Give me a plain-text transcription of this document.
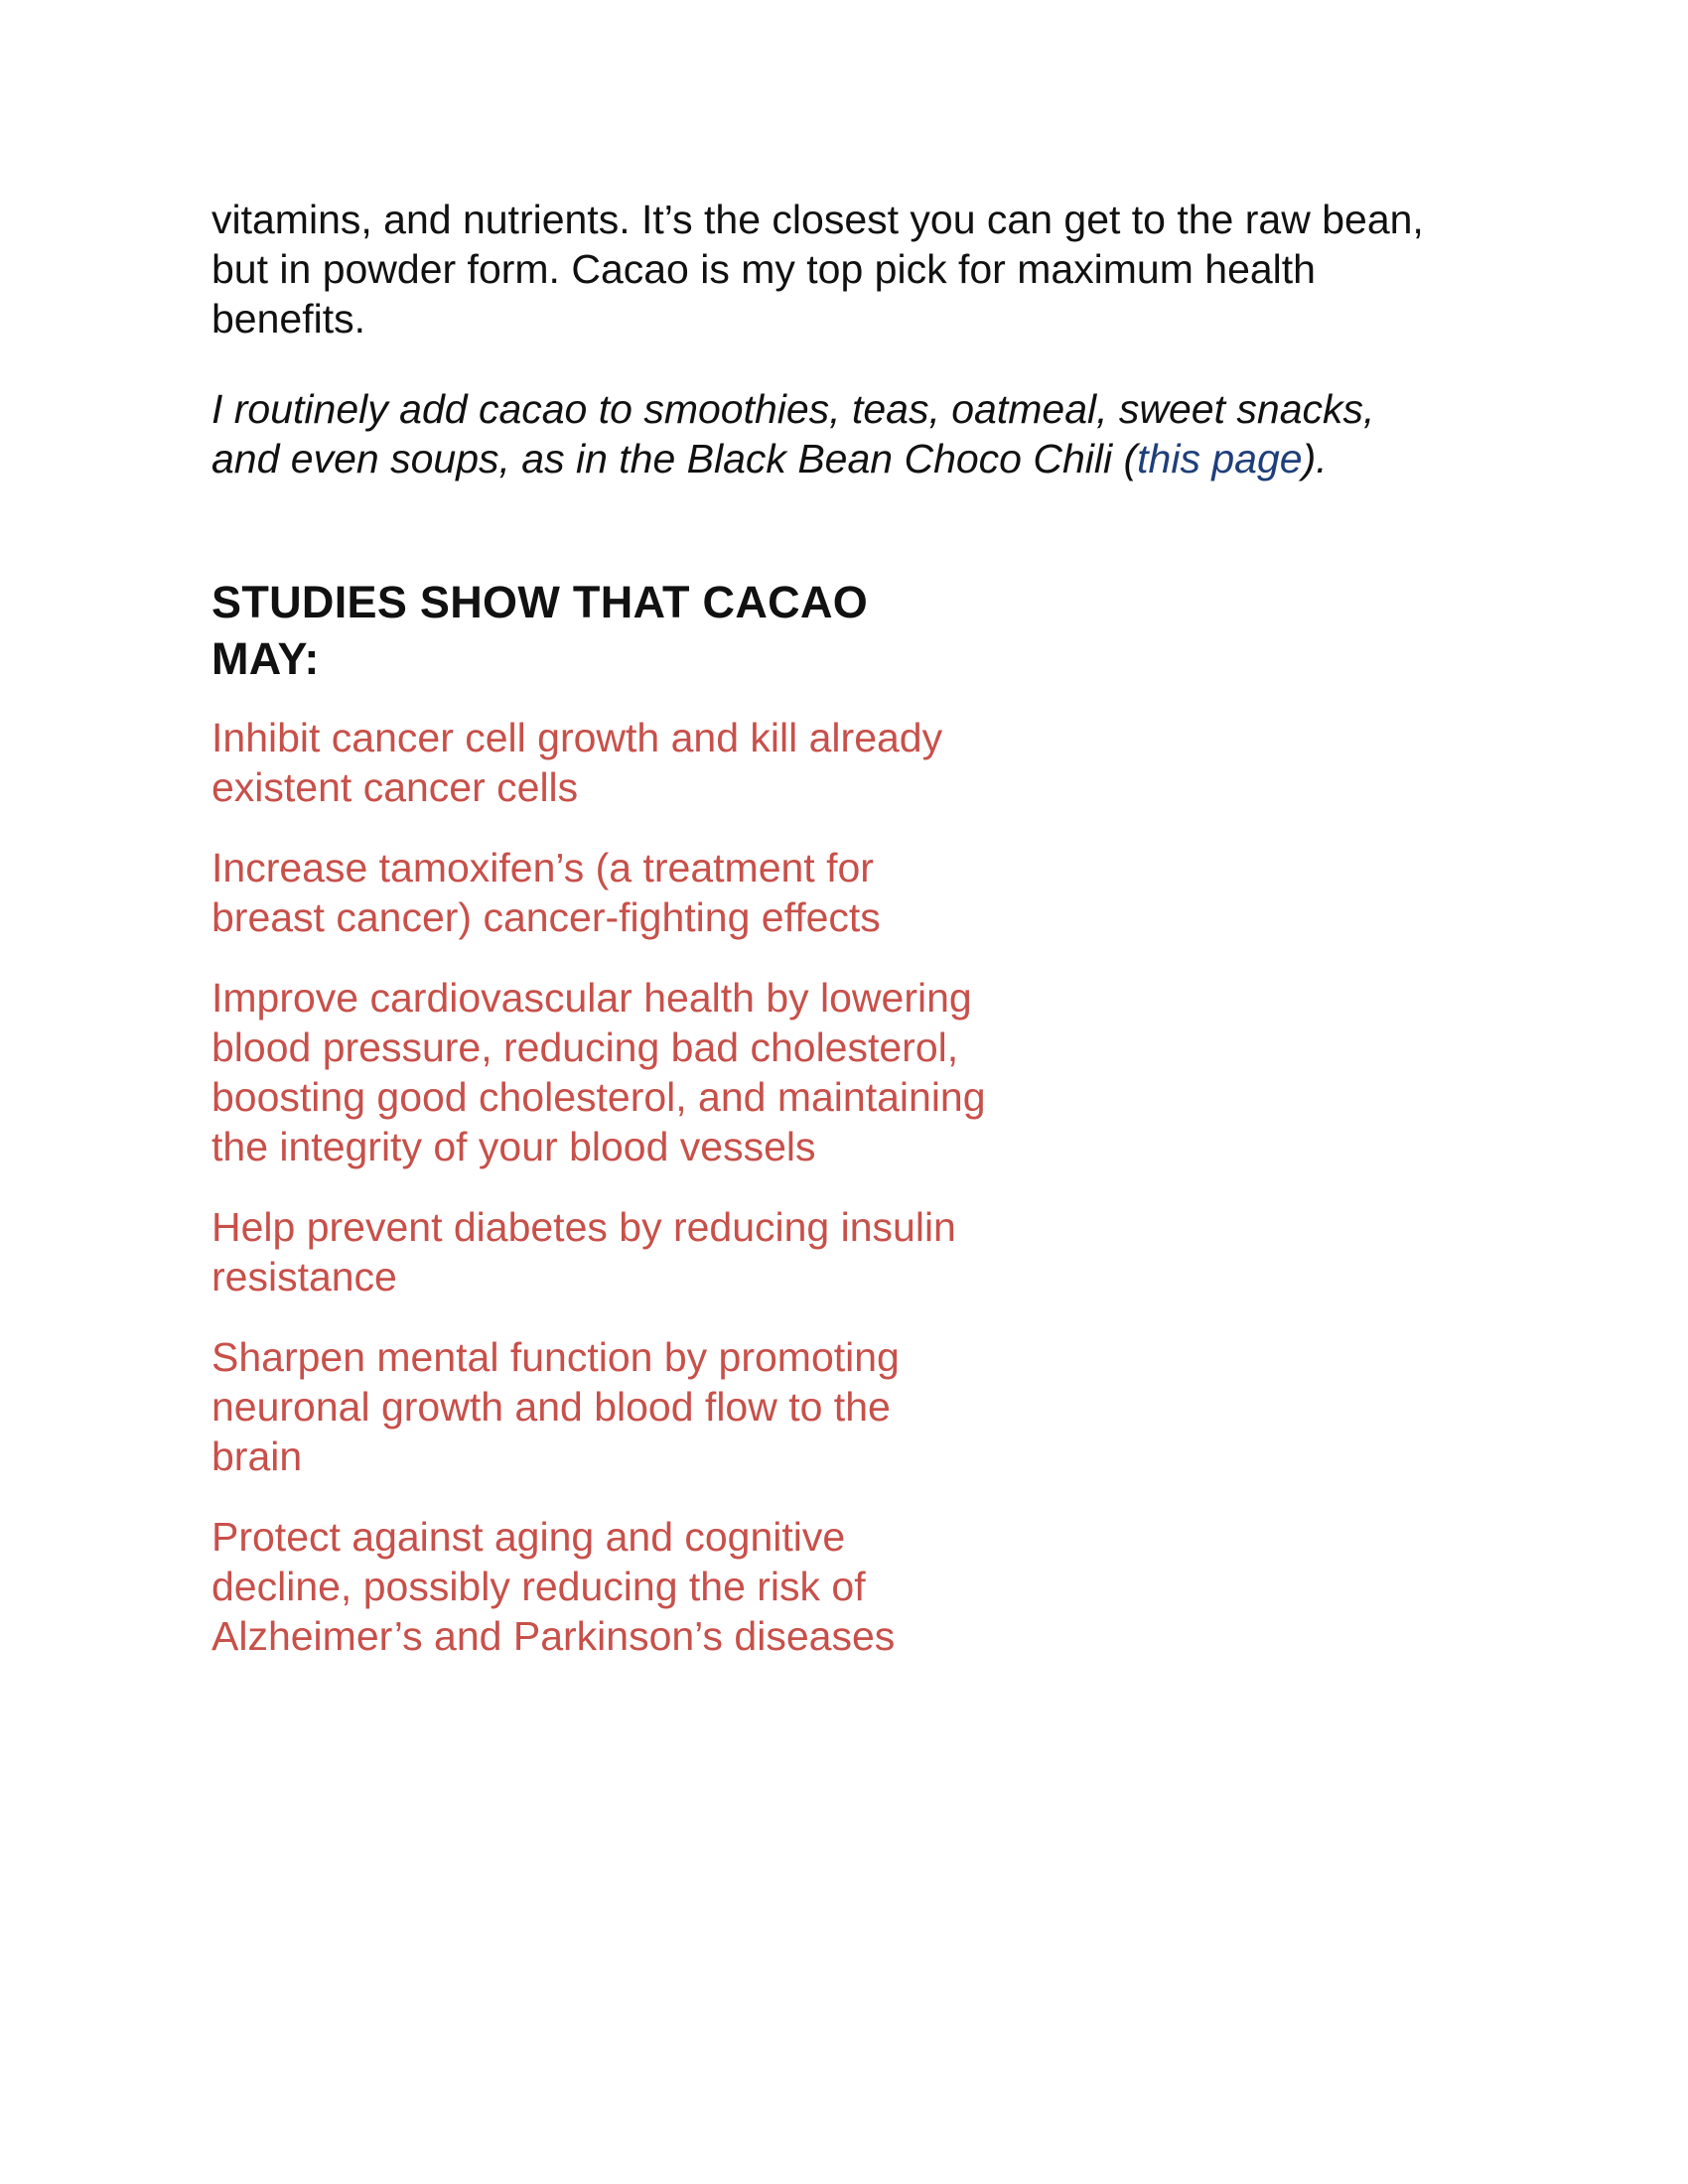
vitamins, and nutrients. It’s the closest you can get to the raw bean, but in powder form. Cacao is my top pick for maximum health benefits.

I routinely add cacao to smoothies, teas, oatmeal, sweet snacks, and even soups, as in the Black Bean Choco Chili (this page).

STUDIES SHOW THAT CACAO MAY:
Inhibit cancer cell growth and kill already existent cancer cells
Increase tamoxifen’s (a treatment for breast cancer) cancer-fighting effects
Improve cardiovascular health by lowering blood pressure, reducing bad cholesterol, boosting good cholesterol, and maintaining the integrity of your blood vessels
Help prevent diabetes by reducing insulin resistance
Sharpen mental function by promoting neuronal growth and blood flow to the brain
Protect against aging and cognitive decline, possibly reducing the risk of Alzheimer’s and Parkinson’s diseases
